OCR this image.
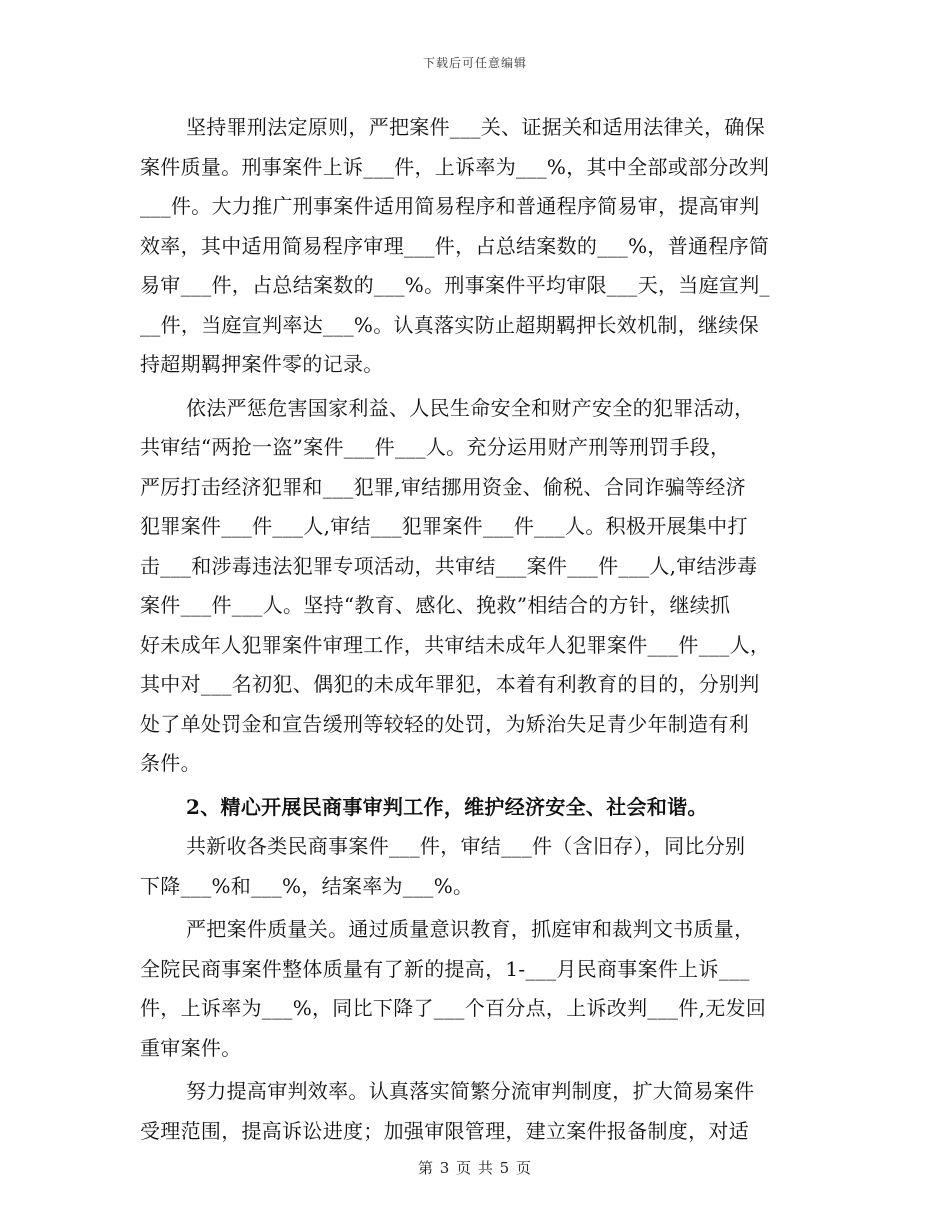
下载后可任意编辑
坚持罪刑法定原则，严把案件___关、证据关和适用法律关，确保
案件质量。刑事案件上诉___件，上诉率为___%，其中全部或部分改判
___件。大力推广刑事案件适用简易程序和普通程序简易审，提高审判
效率，其中适用简易程序审理___件，占总结案数的___%，普通程序简
易审___件，占总结案数的___%。刑事案件平均审限___天，当庭宣判_
__件，当庭宣判率达___%。认真落实防止超期羁押长效机制，继续保
持超期羁押案件零的记录。
依法严惩危害国家利益、人民生命安全和财产安全的犯罪活动，
共审结“两抢一盗”案件___件___人。充分运用财产刑等刑罚手段，
严厉打击经济犯罪和___犯罪,审结挪用资金、偷税、合同诈骗等经济
犯罪案件___件___人,审结___犯罪案件___件___人。积极开展集中打
击___和涉毒违法犯罪专项活动，共审结___案件___件___人,审结涉毒
案件___件___人。坚持“教育、感化、挽救”相结合的方针，继续抓
好未成年人犯罪案件审理工作，共审结未成年人犯罪案件___件___人，
其中对___名初犯、偶犯的未成年罪犯，本着有利教育的目的，分别判
处了单处罚金和宣告缓刑等较轻的处罚，为矫治失足青少年制造有利
条件。
2、精心开展民商事审判工作，维护经济安全、社会和谐。
共新收各类民商事案件___件，审结___件（含旧存），同比分别
下降___%和___%，结案率为___%。
严把案件质量关。通过质量意识教育，抓庭审和裁判文书质量，
全院民商事案件整体质量有了新的提高，1-___月民商事案件上诉___
件，上诉率为___%，同比下降了___个百分点，上诉改判___件,无发回
重审案件。
努力提高审判效率。认真落实简繁分流审判制度，扩大简易案件
受理范围，提高诉讼进度；加强审限管理，建立案件报备制度，对适
第 3 页 共 5 页
